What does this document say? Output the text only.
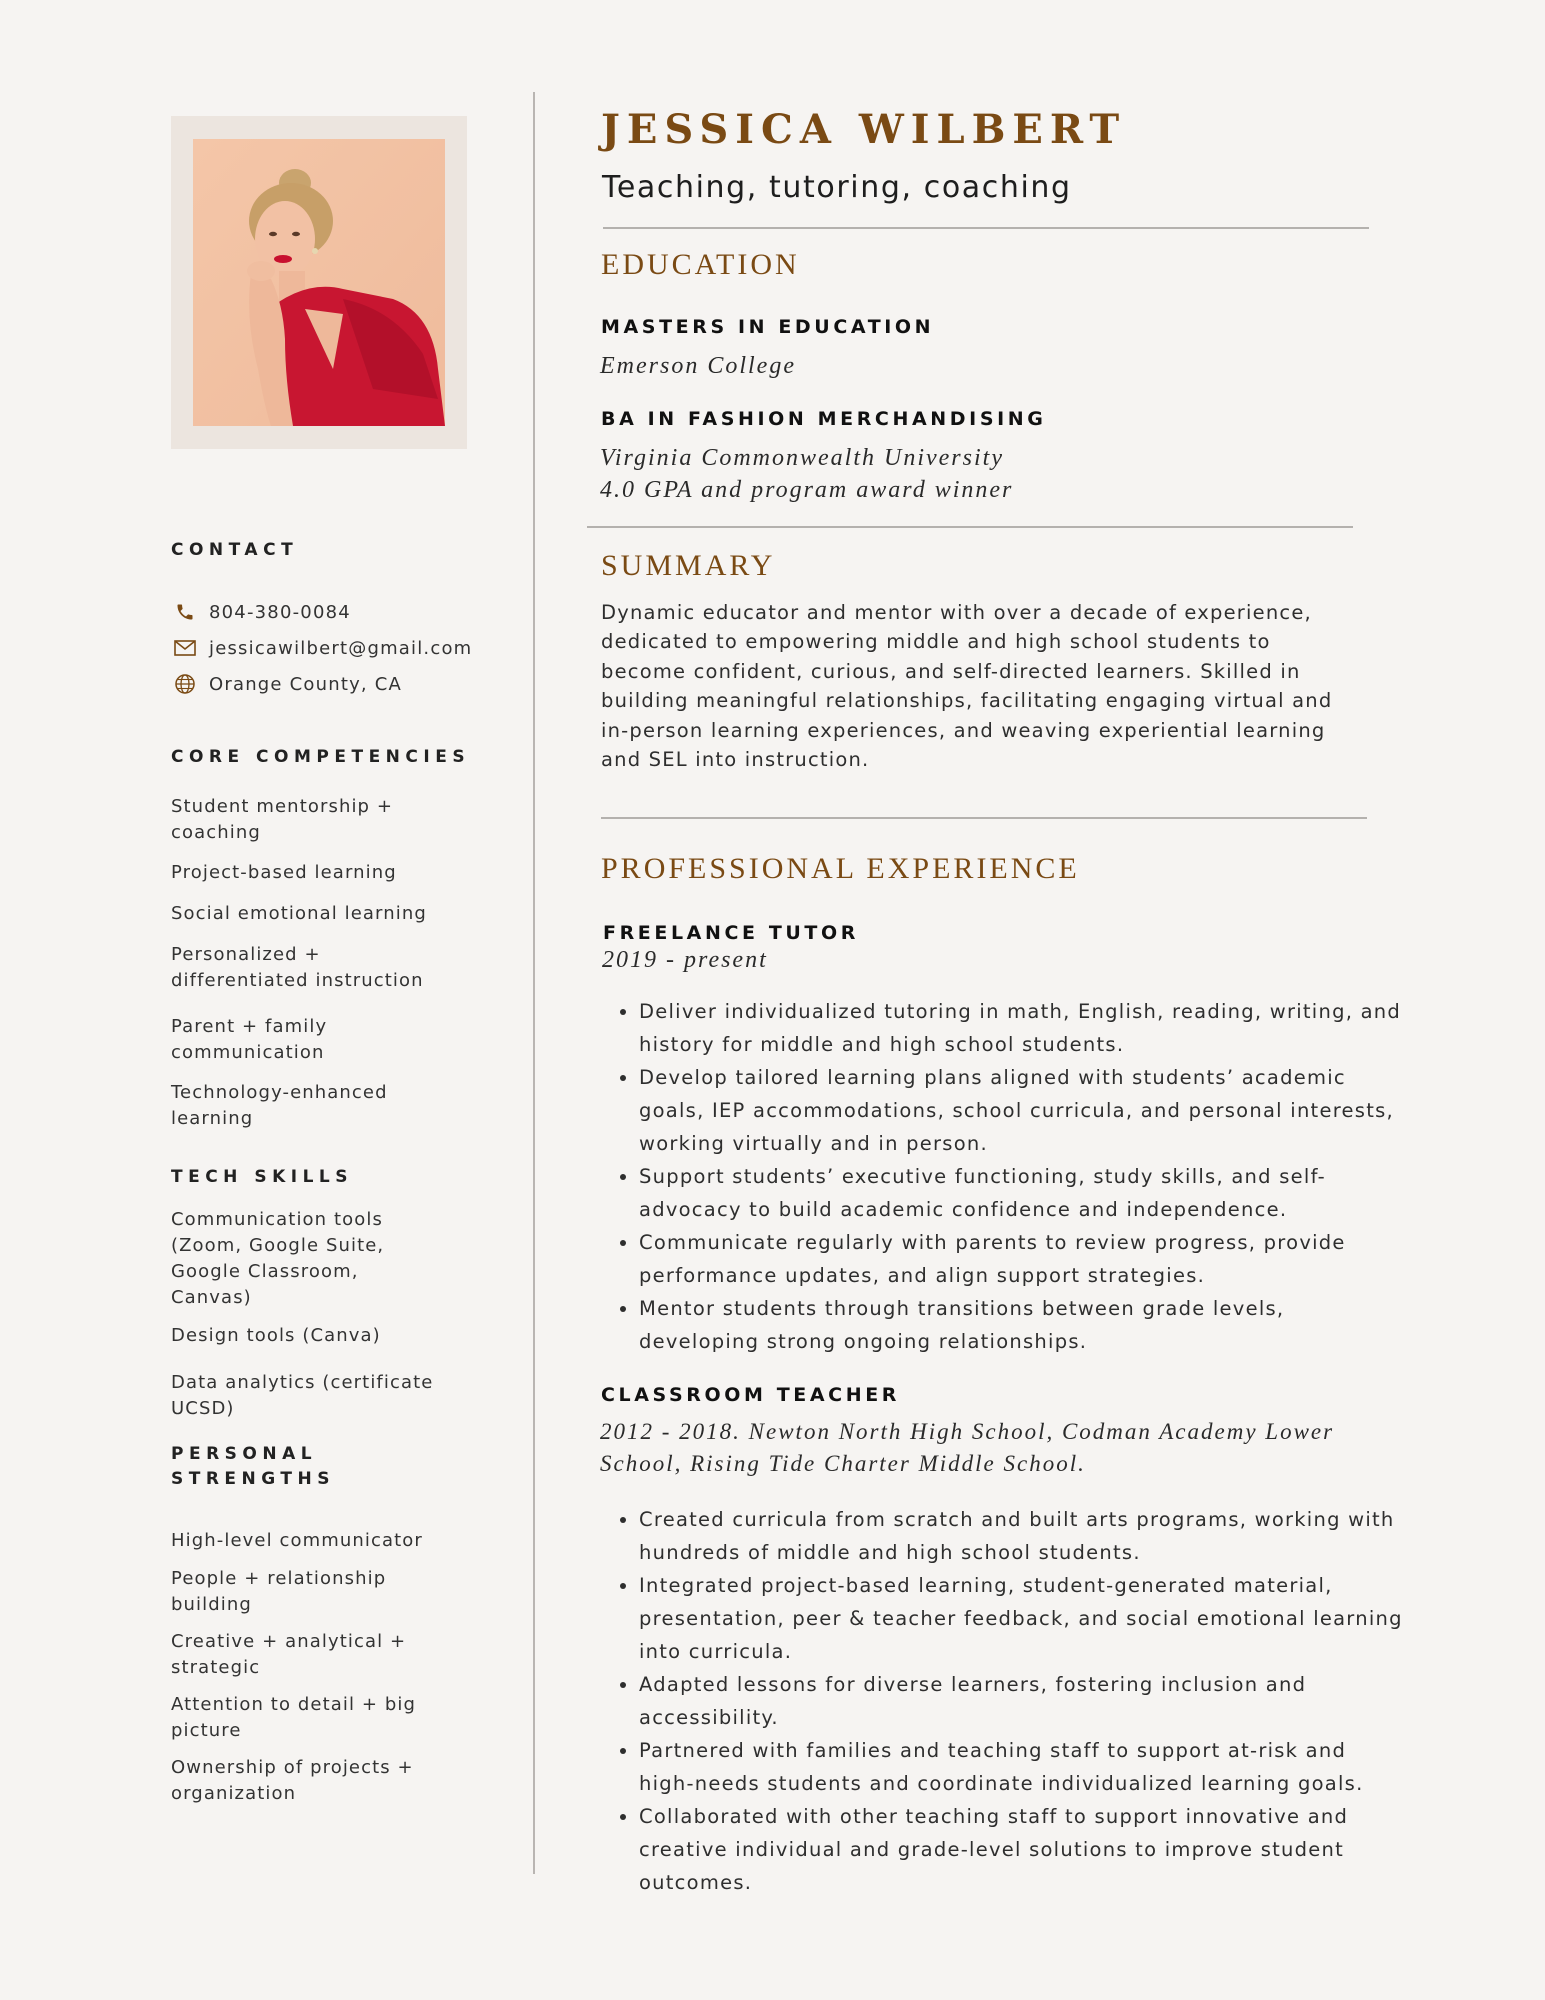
CONTACT
804-380-0084
jessicawilbert@gmail.com
Orange County, CA
CORE COMPETENCIES

Student mentorship + coaching

Project-based learning

Social emotional learning

Personalized + differentiated instruction

Parent + family communication

Technology-enhanced learning

TECH SKILLS

Communication tools (Zoom, Google Suite, Google Classroom, Canvas)

Design tools (Canva)

Data analytics (certificate UCSD)

PERSONAL STRENGTHS

High-level communicator

People + relationship building

Creative + analytical + strategic

Attention to detail + big picture

Ownership of projects + organization

JESSICA WILBERT
Teaching, tutoring, coaching
EDUCATION
MASTERS IN EDUCATION
Emerson College
BA IN FASHION MERCHANDISING
Virginia Commonwealth University
4.0 GPA and program award winner
SUMMARY

Dynamic educator and mentor with over a decade of experience, dedicated to empowering middle and high school students to become confident, curious, and self-directed learners. Skilled in building meaningful relationships, facilitating engaging virtual and in-person learning experiences, and weaving experiential learning and SEL into instruction.

PROFESSIONAL EXPERIENCE
FREELANCE TUTOR
2019 - present
• Deliver individualized tutoring in math, English, reading, writing, and history for middle and high school students.
• Develop tailored learning plans aligned with students’ academic goals, IEP accommodations, school curricula, and personal interests, working virtually and in person.
• Support students’ executive functioning, study skills, and self-advocacy to build academic confidence and independence.
• Communicate regularly with parents to review progress, provide performance updates, and align support strategies.
• Mentor students through transitions between grade levels, developing strong ongoing relationships.
CLASSROOM TEACHER
2012 - 2018. Newton North High School, Codman Academy Lower
School, Rising Tide Charter Middle School.
• Created curricula from scratch and built arts programs, working with hundreds of middle and high school students.
• Integrated project-based learning, student-generated material, presentation, peer & teacher feedback, and social emotional learning into curricula.
• Adapted lessons for diverse learners, fostering inclusion and accessibility.
• Partnered with families and teaching staff to support at-risk and high-needs students and coordinate individualized learning goals.
• Collaborated with other teaching staff to support innovative and creative individual and grade-level solutions to improve student outcomes.
